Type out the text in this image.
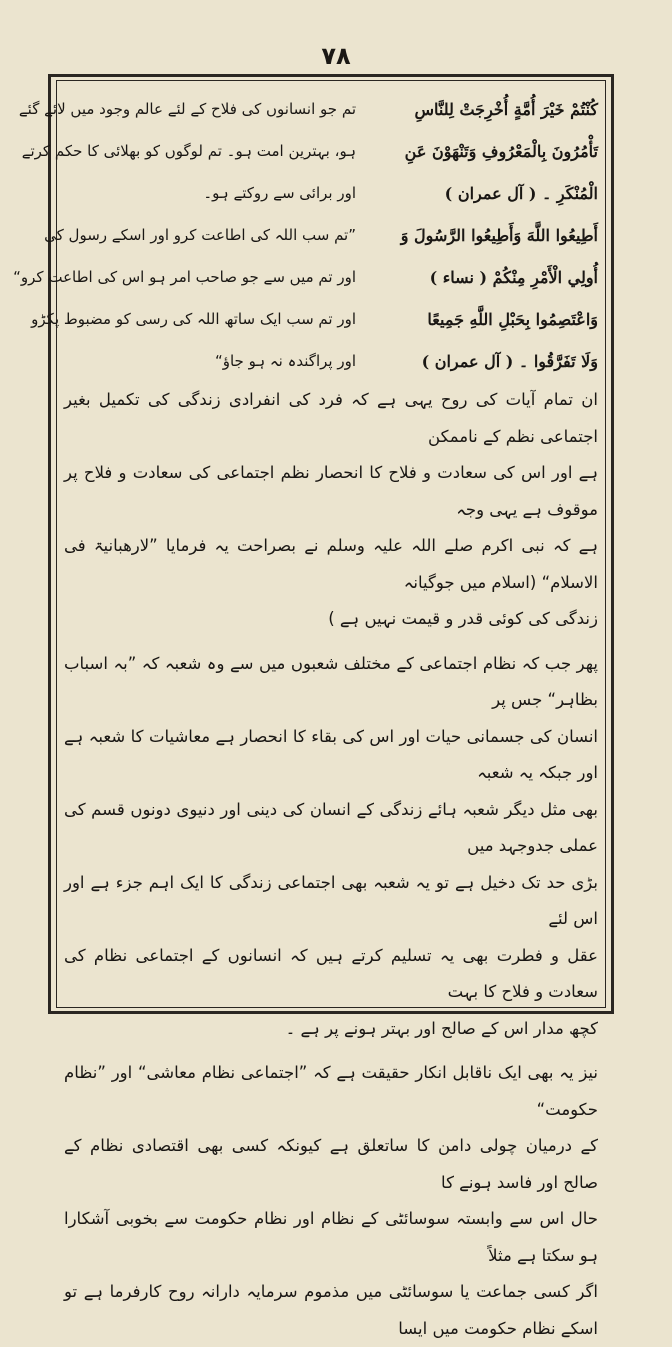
٧٨
كُنْتُمْ خَيْرَ أُمَّةٍ أُخْرِجَتْ لِلنَّاسِ
تم جو انسانوں کی فلاح کے لئے عالم وجود میں لائے گئے
تَأْمُرُونَ بِالْمَعْرُوفِ وَتَنْهَوْنَ عَنِ
ہو، بہترین امت ہو۔ تم لوگوں کو بھلائی کا حکم کرتے
الْمُنْكَرِ ۔ ( آل عمران )
اور برائی سے روکتے ہو۔
أَطِيعُوا اللَّهَ وَأَطِيعُوا الرَّسُولَ وَ
”تم سب اللہ کی اطاعت کرو اور اسکے رسول کی
أُولِي الْأَمْرِ مِنْكُمْ ( نساء )
اور تم میں سے جو صاحب امر ہو اس کی اطاعت کرو“
وَاعْتَصِمُوا بِحَبْلِ اللَّهِ جَمِيعًا
اور تم سب ایک ساتھ اللہ کی رسی کو مضبوط پکڑو
وَلَا تَفَرَّقُوا ۔ ( آل عمران )
اور پراگندہ نہ ہو جاؤ“

ان تمام آیات کی روح یہی ہے کہ فرد کی انفرادی زندگی کی تکمیل بغیر اجتماعی نظم کے ناممکن

ہے اور اس کی سعادت و فلاح کا انحصار نظم اجتماعی کی سعادت و فلاح پر موقوف ہے یہی وجہ

ہے کہ نبی اکرم صلے اللہ علیہ وسلم نے بصراحت یہ فرمایا ”لارھبانیۃ فی الاسلام“ (اسلام میں جوگیانہ

زندگی کی کوئی قدر و قیمت نہیں ہے )

پھر جب کہ نظام اجتماعی کے مختلف شعبوں میں سے وہ شعبہ کہ ”بہ اسباب بظاہر“ جس پر

انسان کی جسمانی حیات اور اس کی بقاء کا انحصار ہے معاشیات کا شعبہ ہے اور جبکہ یہ شعبہ

بھی مثل دیگر شعبہ ہائے زندگی کے انسان کی دینی اور دنیوی دونوں قسم کی عملی جدوجہد میں

بڑی حد تک دخیل ہے تو یہ شعبہ بھی اجتماعی زندگی کا ایک اہم جزء ہے اور اس لئے

عقل و فطرت بھی یہ تسلیم کرتے ہیں کہ انسانوں کے اجتماعی نظام کی سعادت و فلاح کا بہت

کچھ مدار اس کے صالح اور بہتر ہونے پر ہے ۔

نیز یہ بھی ایک ناقابل انکار حقیقت ہے کہ ”اجتماعی نظام معاشی“ اور ”نظام حکومت“

کے درمیان چولی دامن کا ساتعلق ہے کیونکہ کسی بھی اقتصادی نظام کے صالح اور فاسد ہونے کا

حال اس سے وابستہ سوسائٹی کے نظام اور نظام حکومت سے بخوبی آشکارا ہو سکتا ہے مثلاً

اگر کسی جماعت یا سوسائٹی میں مذموم سرمایہ دارانہ روح کارفرما ہے تو اسکے نظام حکومت میں ایسا
